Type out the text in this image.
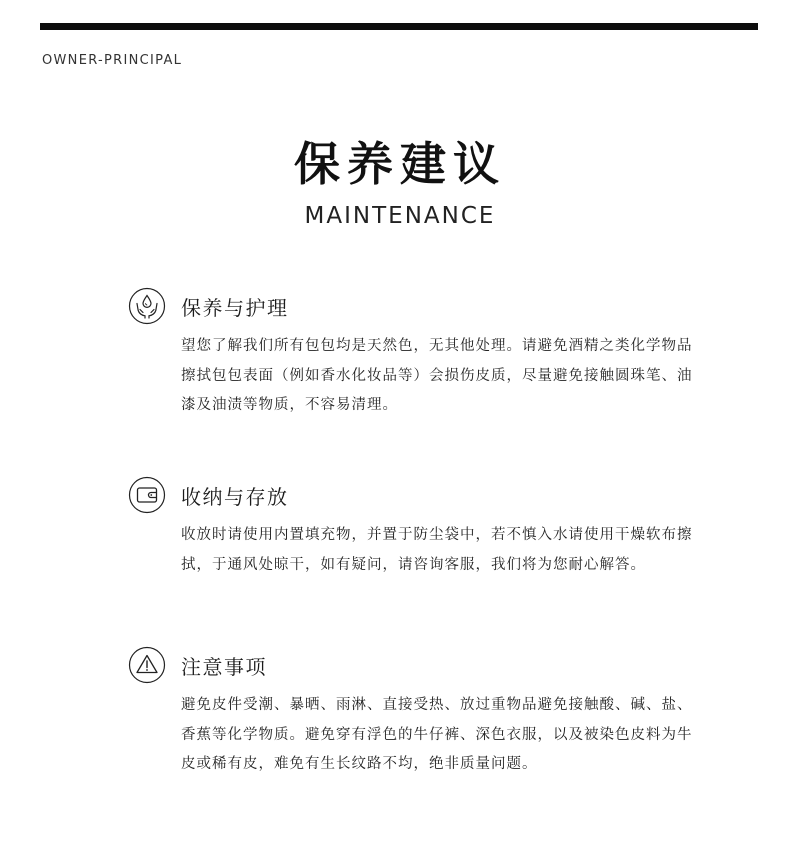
OWNER-PRINCIPAL
保养建议
MAINTENANCE
保养与护理
望您了解我们所有包包均是天然色，无其他处理。请避免酒精之类化学物品擦拭包包表面（例如香水化妆品等）会损伤皮质，尽量避免接触圆珠笔、油漆及油渍等物质，不容易清理。
收纳与存放
收放时请使用内置填充物，并置于防尘袋中，若不慎入水请使用干燥软布擦拭，于通风处晾干，如有疑问，请咨询客服，我们将为您耐心解答。
注意事项
避免皮件受潮、暴晒、雨淋、直接受热、放过重物品避免接触酸、碱、盐、香蕉等化学物质。避免穿有浮色的牛仔裤、深色衣服，以及被染色皮料为牛皮或稀有皮，难免有生长纹路不均，绝非质量问题。
